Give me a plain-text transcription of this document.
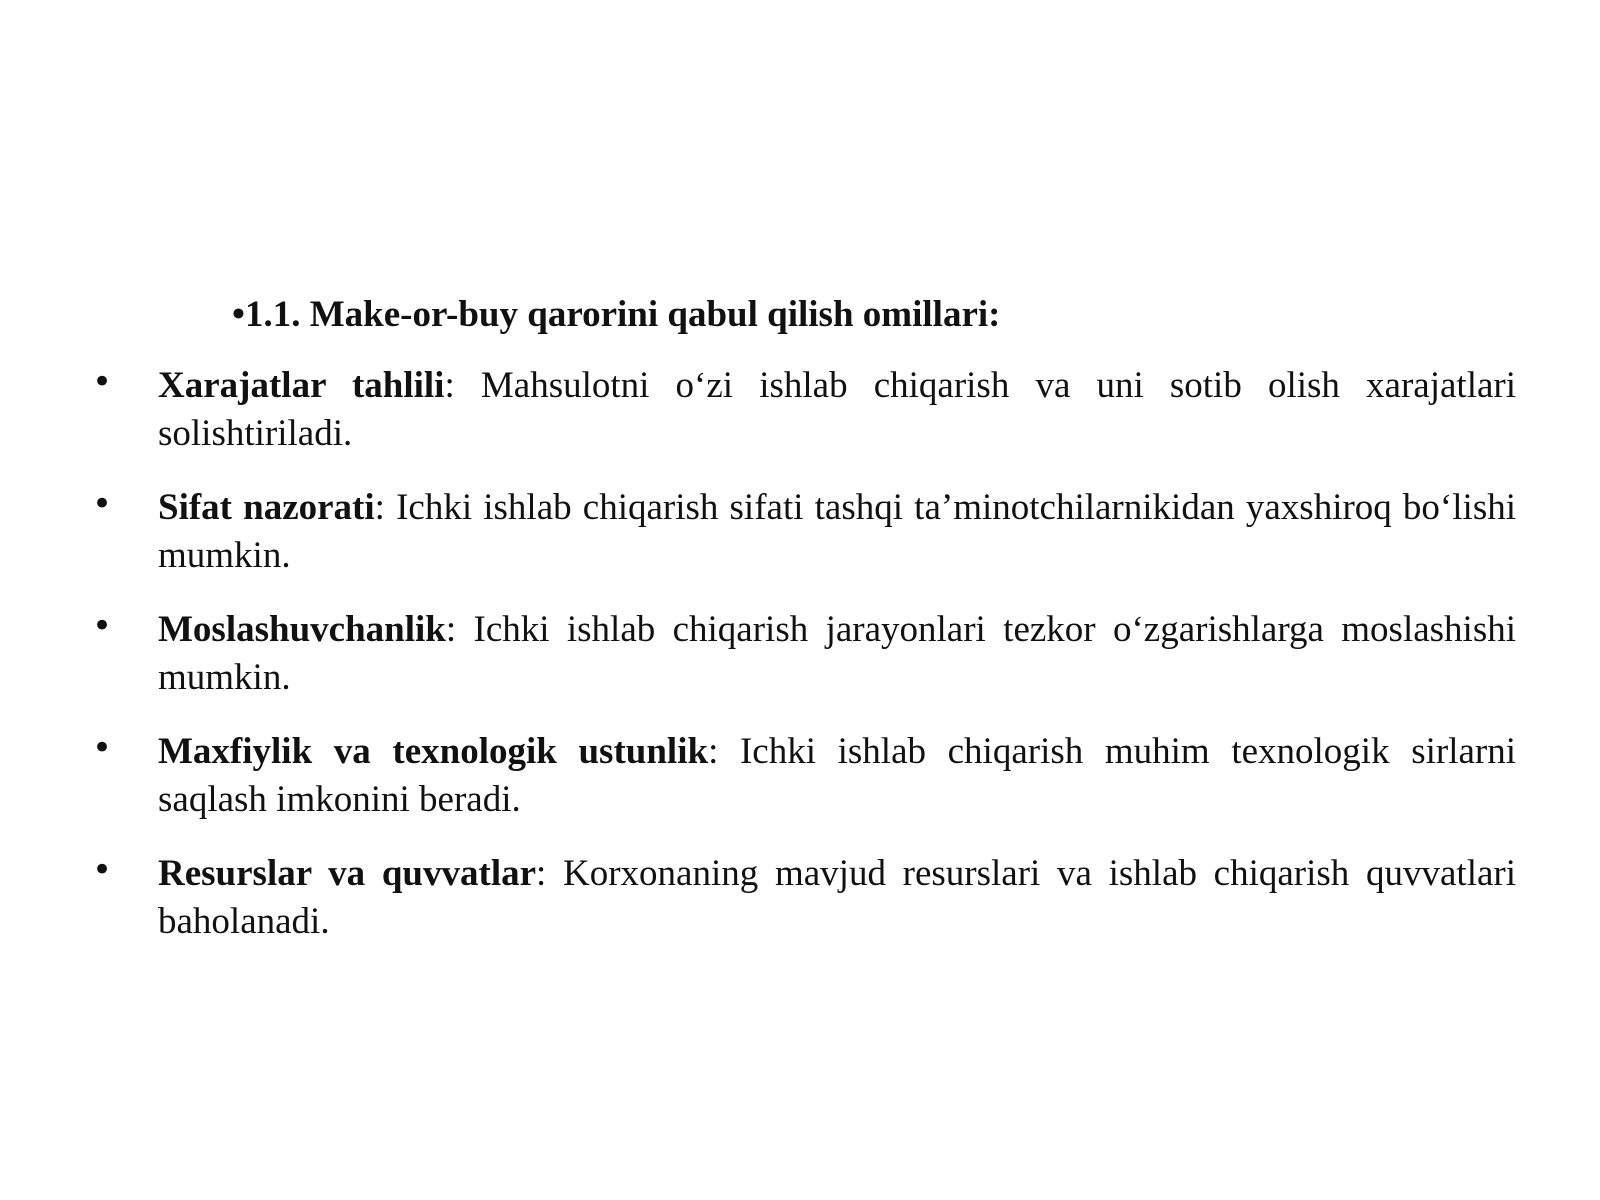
•1.1. Make-or-buy qarorini qabul qilish omillari:
• Xarajatlar tahlili: Mahsulotni o‘zi ishlab chiqarish va uni sotib olish xarajatlari solishtiriladi.
• Sifat nazorati: Ichki ishlab chiqarish sifati tashqi ta’minotchilarnikidan yaxshiroq bo‘lishi mumkin.
• Moslashuvchanlik: Ichki ishlab chiqarish jarayonlari tezkor o‘zgarishlarga moslashishi mumkin.
• Maxfiylik va texnologik ustunlik: Ichki ishlab chiqarish muhim texnologik sirlarni saqlash imkonini beradi.
• Resurslar va quvvatlar: Korxonaning mavjud resurslari va ishlab chiqarish quvvatlari baholanadi.
